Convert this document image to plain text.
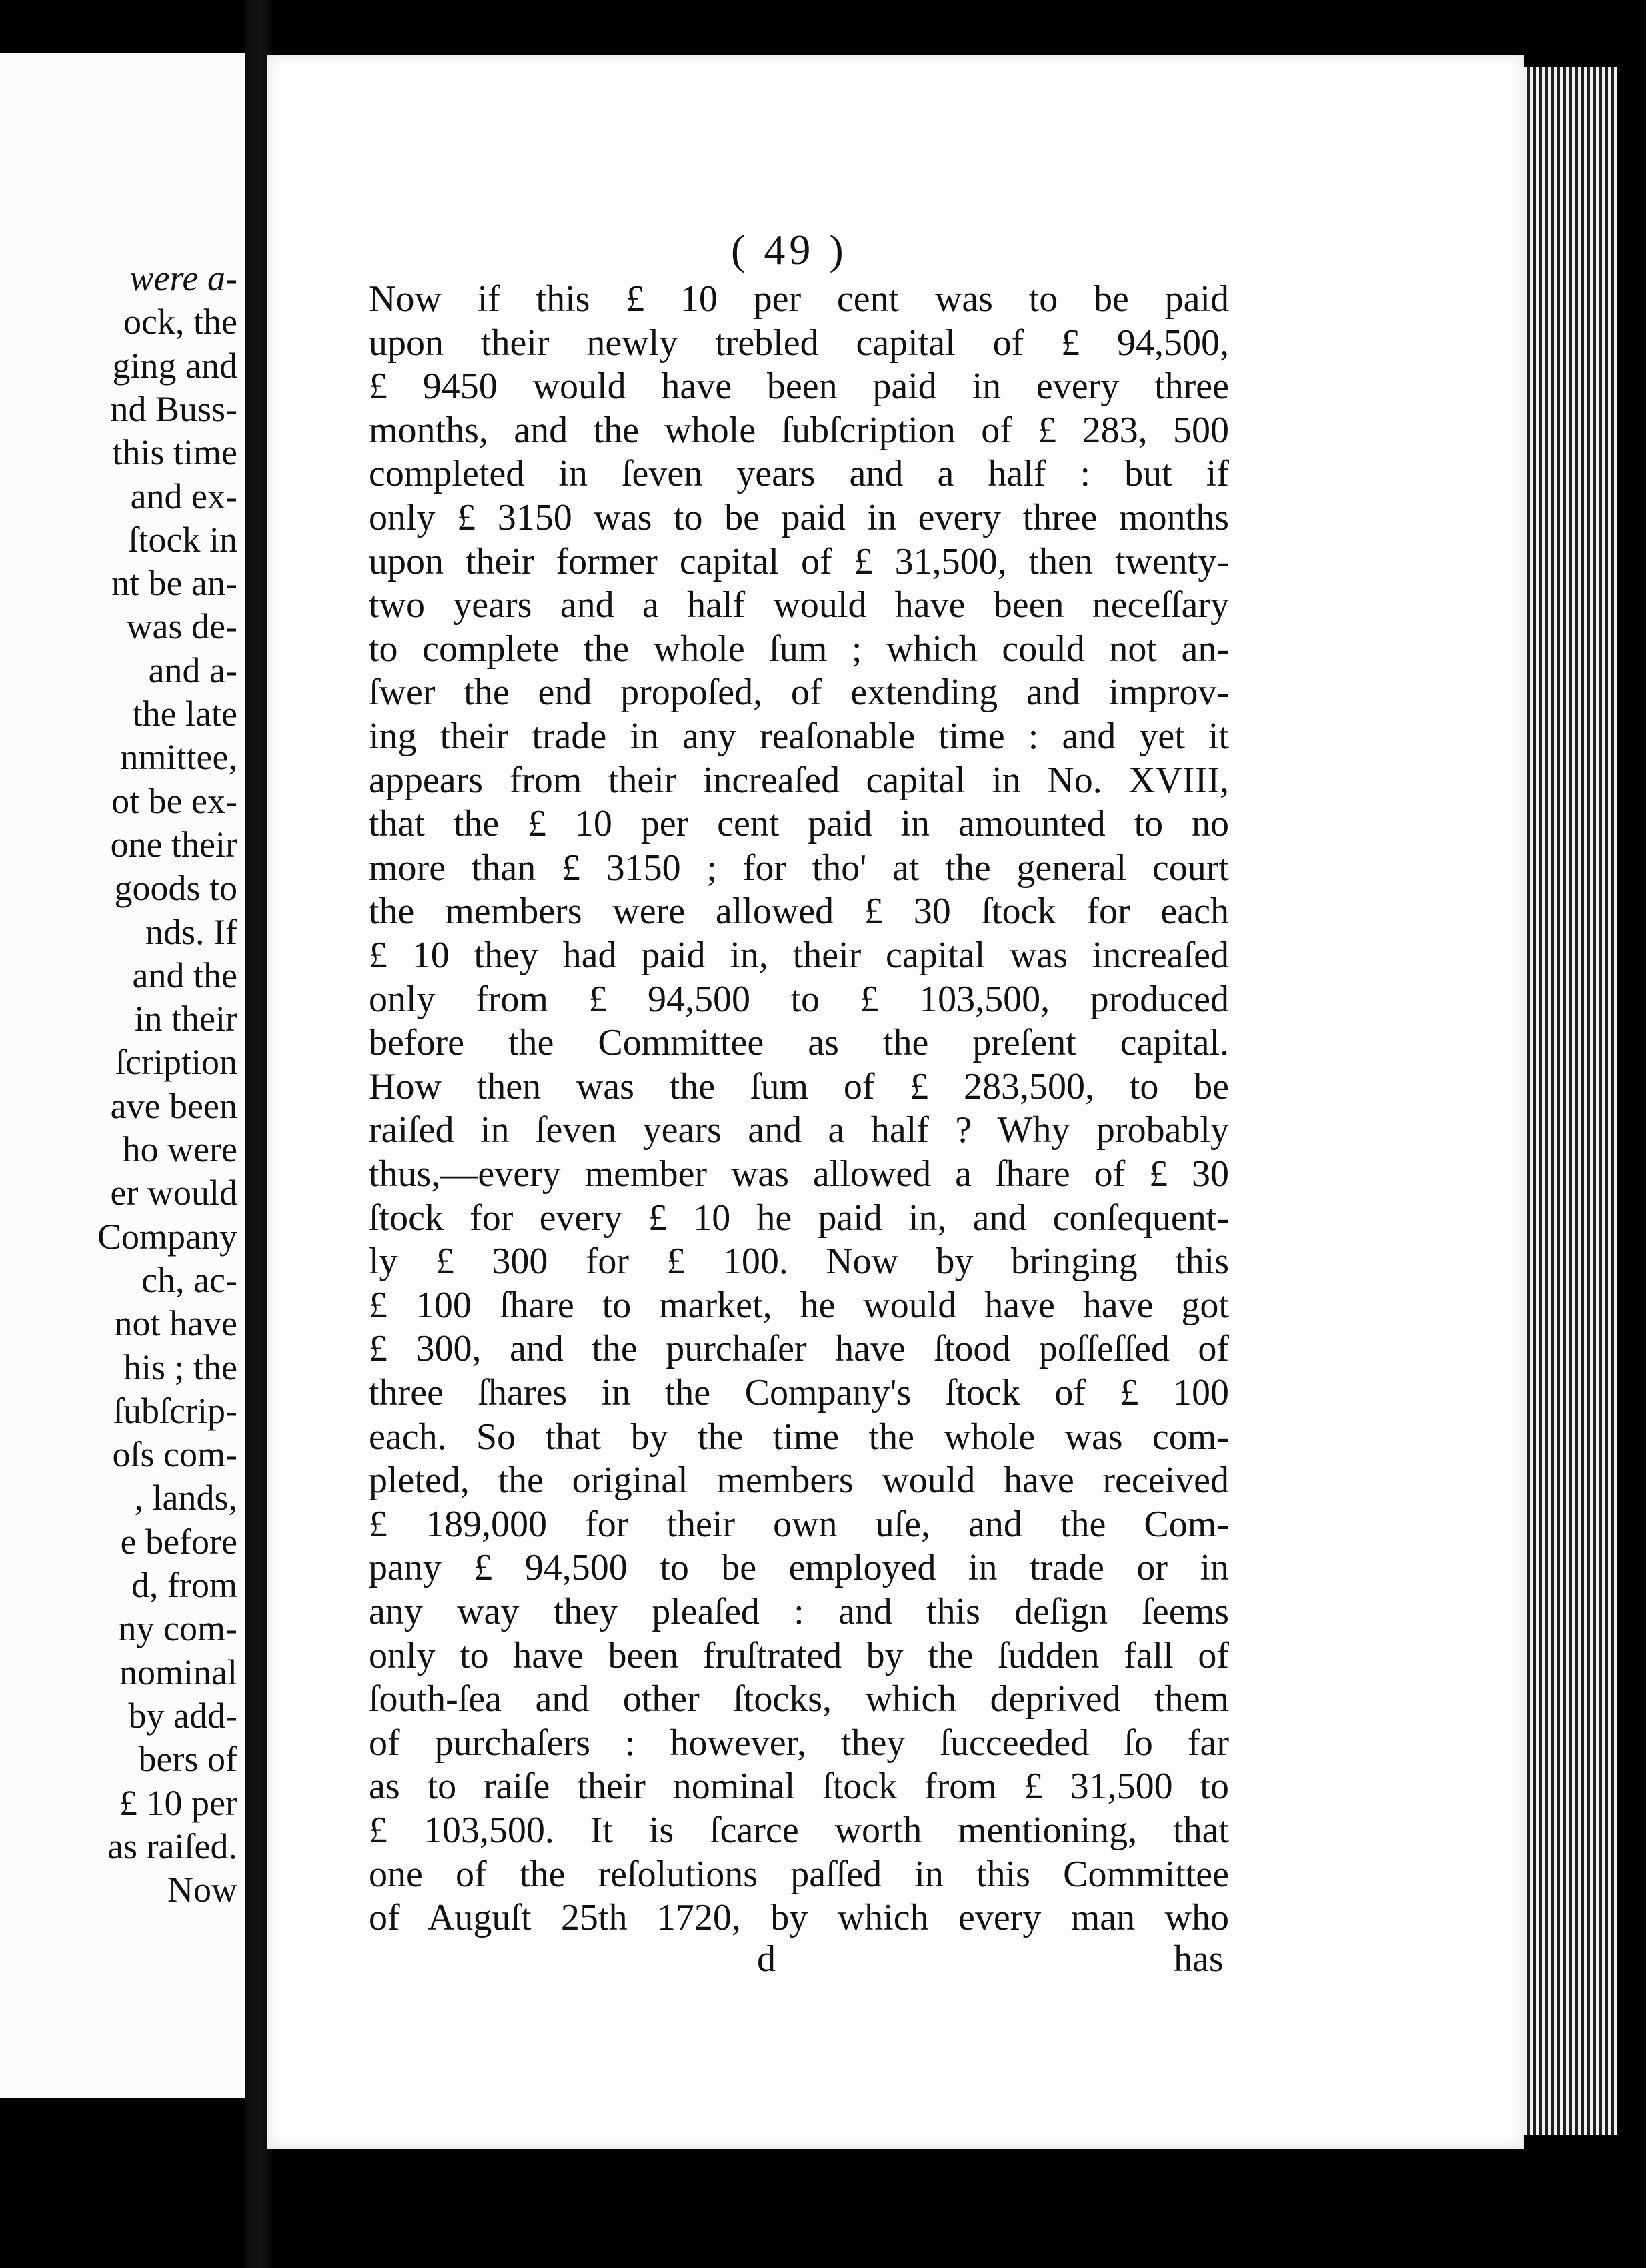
were a-
ock, the
ging and
nd Buss-
this time
and ex-
ſtock in
nt be an-
was de-
and a-
the late
nmittee,
ot be ex-
one their
goods to
nds. If
and the
in their
ſcription
ave been
ho were
er would
Company
ch, ac-
not have
his ; the
ſubſcrip-
oſs com-
, lands,
e before
d, from
ny com-
nominal
by add-
bers of
£ 10 per
as raiſed.
Now
( 49 )
Now if this £ 10 per cent was to be paid
upon their newly trebled capital of £ 94,500,
£ 9450 would have been paid in every three
months, and the whole ſubſcription of £ 283, 500
completed in ſeven years and a half : but if
only £ 3150 was to be paid in every three months
upon their former capital of £ 31,500, then twenty-
two years and a half would have been neceſſary
to complete the whole ſum ; which could not an-
ſwer the end propoſed, of extending and improv-
ing their trade in any reaſonable time : and yet it
appears from their increaſed capital in No. XVIII,
that the £ 10 per cent paid in amounted to no
more than £ 3150 ; for tho' at the general court
the members were allowed £ 30 ſtock for each
£ 10 they had paid in, their capital was increaſed
only from £ 94,500 to £ 103,500, produced
before the Committee as the preſent capital.
How then was the ſum of £ 283,500, to be
raiſed in ſeven years and a half ? Why probably
thus,—every member was allowed a ſhare of £ 30
ſtock for every £ 10 he paid in, and conſequent-
ly £ 300 for £ 100. Now by bringing this
£ 100 ſhare to market, he would have have got
£ 300, and the purchaſer have ſtood poſſeſſed of
three ſhares in the Company's ſtock of £ 100
each. So that by the time the whole was com-
pleted, the original members would have received
£ 189,000 for their own uſe, and the Com-
pany £ 94,500 to be employed in trade or in
any way they pleaſed : and this deſign ſeems
only to have been fruſtrated by the ſudden fall of
ſouth-ſea and other ſtocks, which deprived them
of purchaſers : however, they ſucceeded ſo far
as to raiſe their nominal ſtock from £ 31,500 to
£ 103,500. It is ſcarce worth mentioning, that
one of the reſolutions paſſed in this Committee
of Auguſt 25th 1720, by which every man who
d	has
